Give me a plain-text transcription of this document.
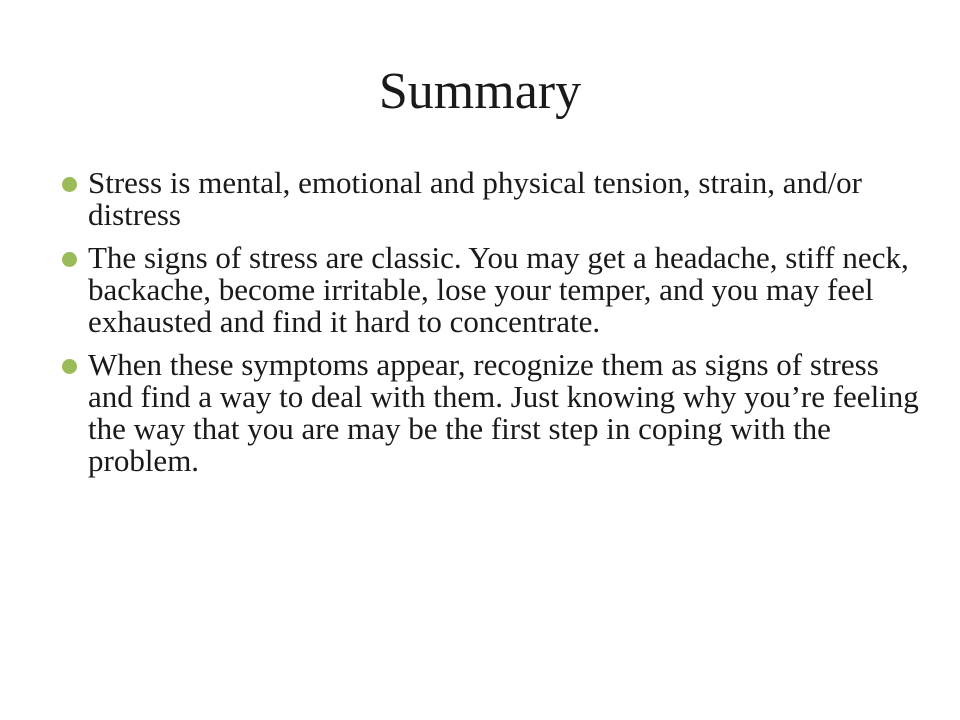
Summary
Stress is mental, emotional and physical tension, strain, and/or distress
The signs of stress are classic. You may get a headache, stiff neck, backache, become irritable, lose your temper, and you may feel exhausted and find it hard to concentrate.
When these symptoms appear, recognize them as signs of stress and find a way to deal with them. Just knowing why you’re feeling the way that you are may be the first step in coping with the problem.
